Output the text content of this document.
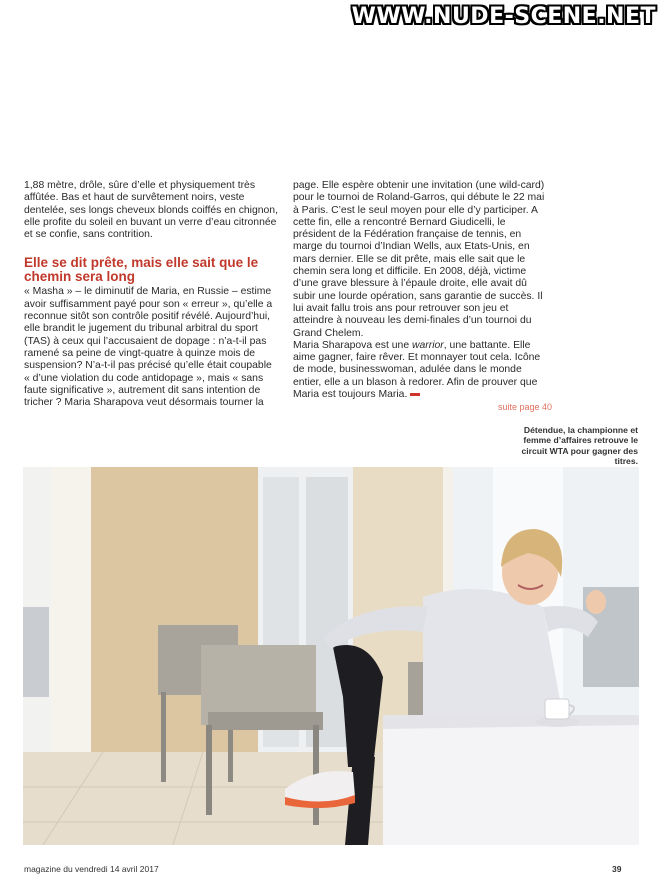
WWW.NUDE-SCENE.NET

1,88 mètre, drôle, sûre d’elle et physiquement très affûtée. Bas et haut de survêtement noirs, veste dentelée, ses longs cheveux blonds coiffés en chignon, elle profite du soleil en buvant un verre d’eau citronnée et se confie, sans contrition.

Elle se dit prête, mais elle sait que le chemin sera long

« Masha » – le diminutif de Maria, en Russie – estime avoir suffisamment payé pour son « erreur », qu’elle a reconnue sitôt son contrôle positif révélé. Aujourd’hui, elle brandit le jugement du tribunal arbitral du sport (TAS) à ceux qui l’accusaient de dopage : n’a-t-il pas ramené sa peine de vingt-quatre à quinze mois de suspension? N’a-t-il pas précisé qu’elle était coupable « d’une violation du code antidopage », mais « sans faute significative », autrement dit sans intention de tricher ? Maria Sharapova veut désormais tourner la

page. Elle espère obtenir une invitation (une wild-card) pour le tournoi de Roland-Garros, qui débute le 22 mai à Paris. C’est le seul moyen pour elle d’y participer. A cette fin, elle a rencontré Bernard Giudicelli, le président de la Fédération française de tennis, en marge du tournoi d’Indian Wells, aux Etats-Unis, en mars dernier. Elle se dit prête, mais elle sait que le chemin sera long et difficile. En 2008, déjà, victime d’une grave blessure à l’épaule droite, elle avait dû subir une lourde opération, sans garantie de succès. Il lui avait fallu trois ans pour retrouver son jeu et atteindre à nouveau les demi-finales d’un tournoi du Grand Chelem.

Maria Sharapova est une warrior, une battante. Elle aime gagner, faire rêver. Et monnayer tout cela. Icône de mode, businesswoman, adulée dans le monde entier, elle a un blason à redorer. Afin de prouver que Maria est toujours Maria.

suite page 40
Détendue, la championne et femme d’affaires retrouve le circuit WTA pour gagner des titres.
magazine du vendredi 14 avril 2017	39
